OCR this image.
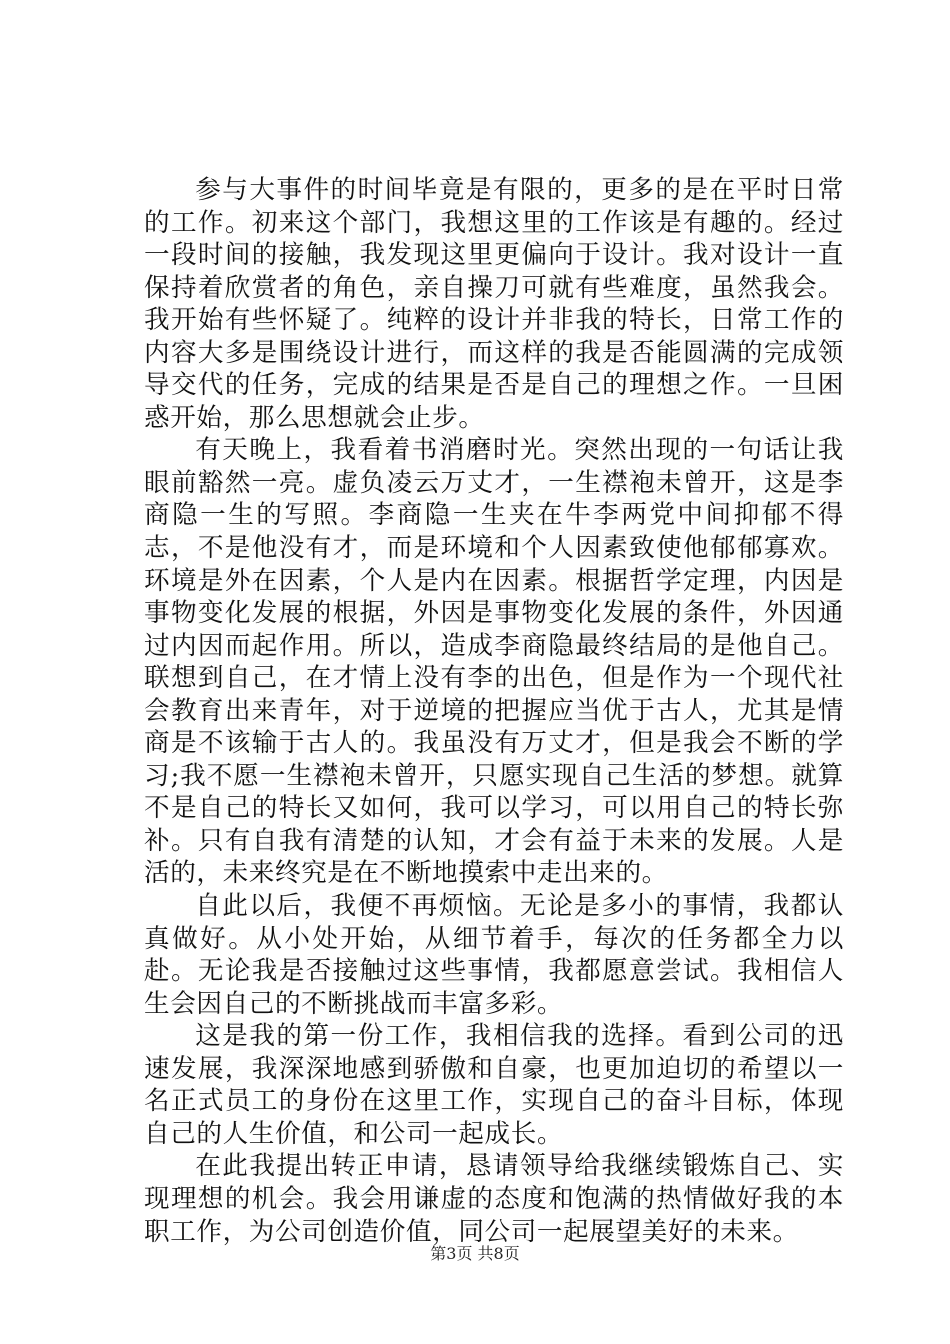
参与大事件的时间毕竟是有限的，更多的是在平时日常的工作。初来这个部门，我想这里的工作该是有趣的。经过一段时间的接触，我发现这里更偏向于设计。我对设计一直保持着欣赏者的角色，亲自操刀可就有些难度，虽然我会。我开始有些怀疑了。纯粹的设计并非我的特长，日常工作的内容大多是围绕设计进行，而这样的我是否能圆满的完成领导交代的任务，完成的结果是否是自己的理想之作。一旦困惑开始，那么思想就会止步。

有天晚上，我看着书消磨时光。突然出现的一句话让我眼前豁然一亮。虚负凌云万丈才，一生襟袍未曾开，这是李商隐一生的写照。李商隐一生夹在牛李两党中间抑郁不得志，不是他没有才，而是环境和个人因素致使他郁郁寡欢。环境是外在因素，个人是内在因素。根据哲学定理，内因是事物变化发展的根据，外因是事物变化发展的条件，外因通过内因而起作用。所以，造成李商隐最终结局的是他自己。联想到自己，在才情上没有李的出色，但是作为一个现代社会教育出来青年，对于逆境的把握应当优于古人，尤其是情商是不该输于古人的。我虽没有万丈才，但是我会不断的学习;我不愿一生襟袍未曾开，只愿实现自己生活的梦想。就算不是自己的特长又如何，我可以学习，可以用自己的特长弥补。只有自我有清楚的认知，才会有益于未来的发展。人是活的，未来终究是在不断地摸索中走出来的。

自此以后，我便不再烦恼。无论是多小的事情，我都认真做好。从小处开始，从细节着手，每次的任务都全力以赴。无论我是否接触过这些事情，我都愿意尝试。我相信人生会因自己的不断挑战而丰富多彩。

这是我的第一份工作，我相信我的选择。看到公司的迅速发展，我深深地感到骄傲和自豪，也更加迫切的希望以一名正式员工的身份在这里工作，实现自己的奋斗目标，体现自己的人生价值，和公司一起成长。

在此我提出转正申请，恳请领导给我继续锻炼自己、实现理想的机会。我会用谦虚的态度和饱满的热情做好我的本职工作，为公司创造价值，同公司一起展望美好的未来。

第3页 共8页
